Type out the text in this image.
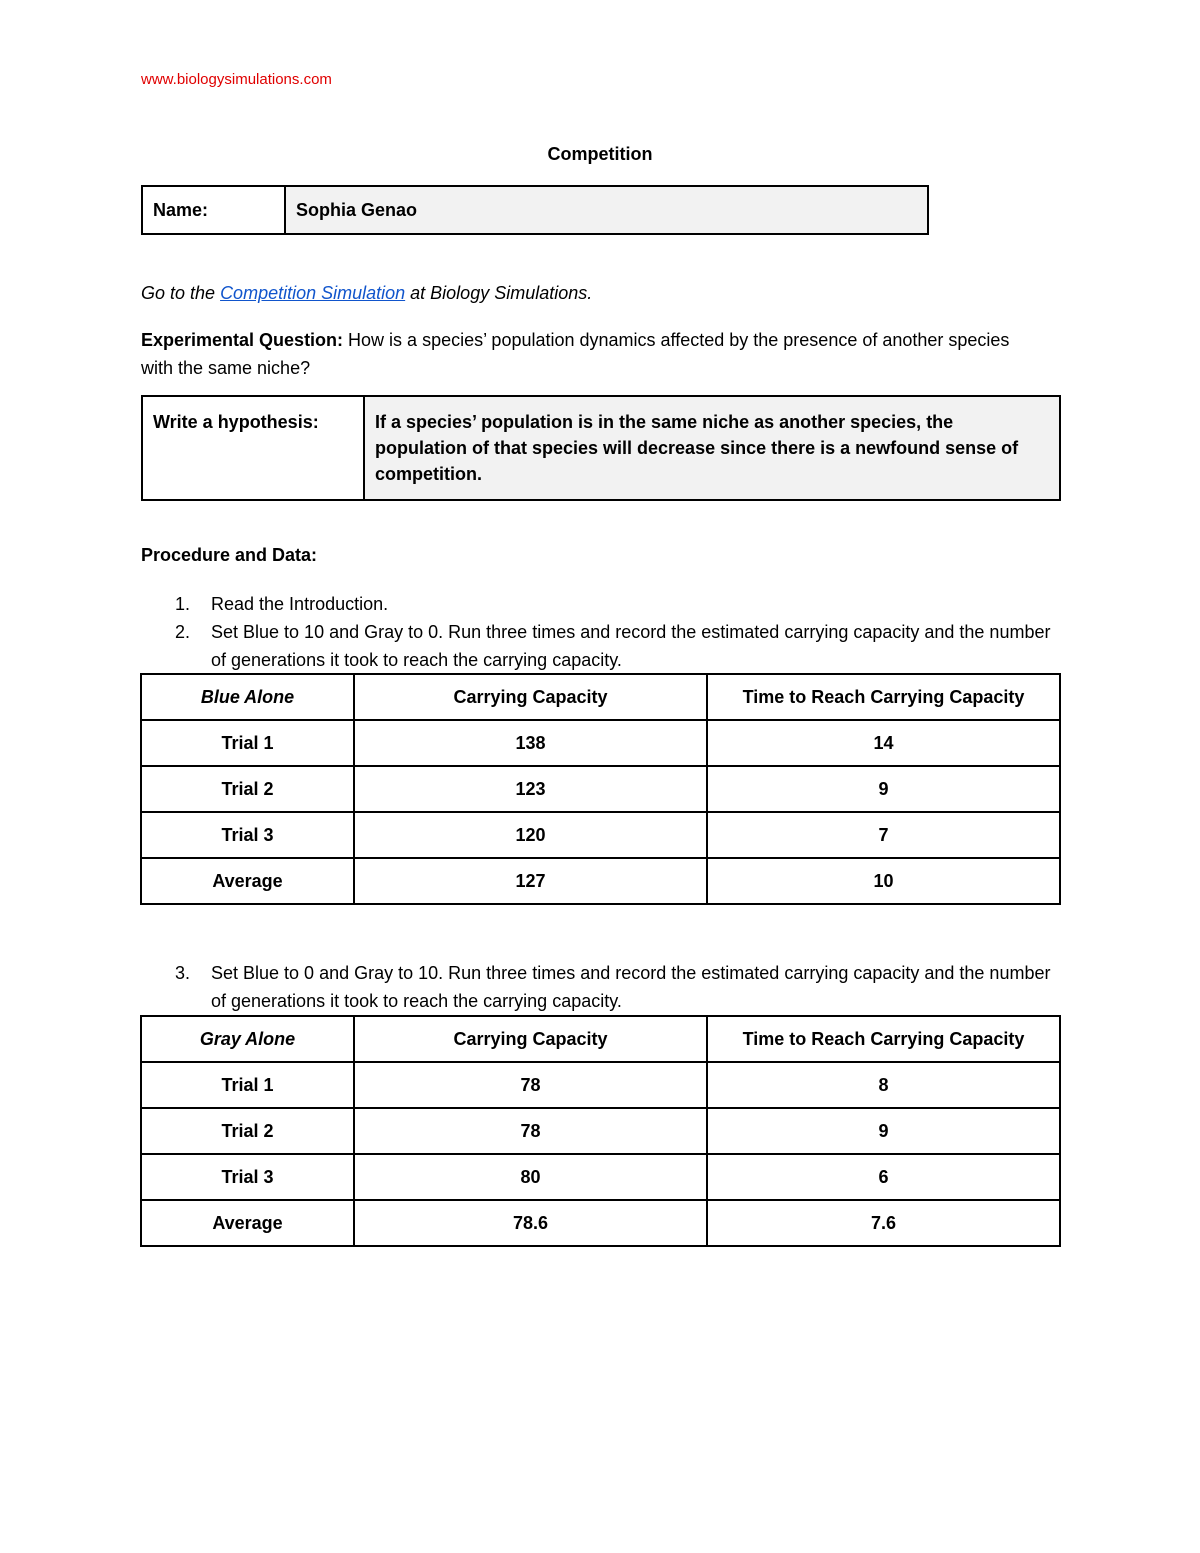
www.biologysimulations.com
Competition
Name:	Sophia Genao
Go to the Competition Simulation at Biology Simulations.
Experimental Question: How is a species’ population dynamics affected by the presence of another species with the same niche?
Write a hypothesis:	If a species’ population is in the same niche as another species, the population of that species will decrease since there is a newfound sense of competition.
Procedure and Data:
1. Read the Introduction.
2. Set Blue to 10 and Gray to 0. Run three times and record the estimated carrying capacity and the number of generations it took to reach the carrying capacity.
Blue Alone	Carrying Capacity	Time to Reach Carrying Capacity
Trial 1	138	14
Trial 2	123	9
Trial 3	120	7
Average	127	10
3. Set Blue to 0 and Gray to 10. Run three times and record the estimated carrying capacity and the number of generations it took to reach the carrying capacity.
Gray Alone	Carrying Capacity	Time to Reach Carrying Capacity
Trial 1	78	8
Trial 2	78	9
Trial 3	80	6
Average	78.6	7.6
